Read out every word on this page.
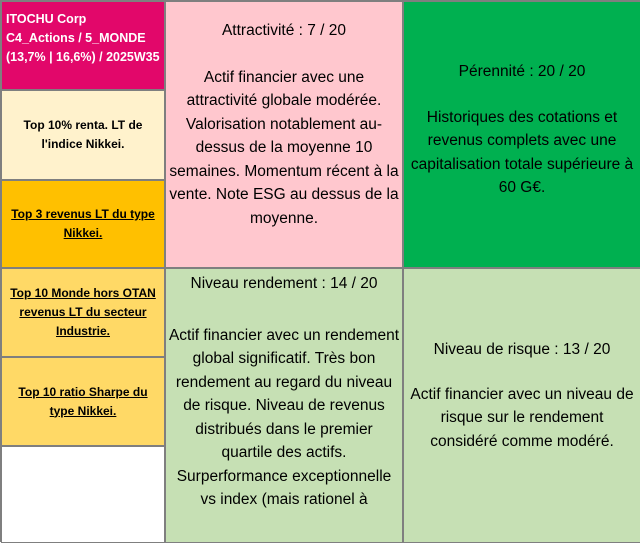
ITOCHU Corp
C4_Actions / 5_MONDE
(13,7% | 16,6%) / 2025W35
Top 10% renta. LT de l'indice Nikkei.
Top 3 revenus LT du type Nikkei.
Top 10 Monde hors OTAN revenus LT du secteur Industrie.
Top 10 ratio Sharpe du type Nikkei.
Attractivité : 7 / 20
Actif financier avec une attractivité globale modérée. Valorisation notablement au-dessus de la moyenne 10 semaines. Momentum récent à la vente. Note ESG au dessus de la moyenne.
Pérennité : 20 / 20
Historiques des cotations et revenus complets avec une capitalisation totale supérieure à 60 G€.
Niveau rendement : 14 / 20
Actif financier avec un rendement global significatif. Très bon rendement au regard du niveau de risque. Niveau de revenus distribués dans le premier quartile des actifs. Surperformance exceptionnelle vs index (mais rationel à
Niveau de risque : 13 / 20
Actif financier avec un niveau de risque sur le rendement considéré comme modéré.
